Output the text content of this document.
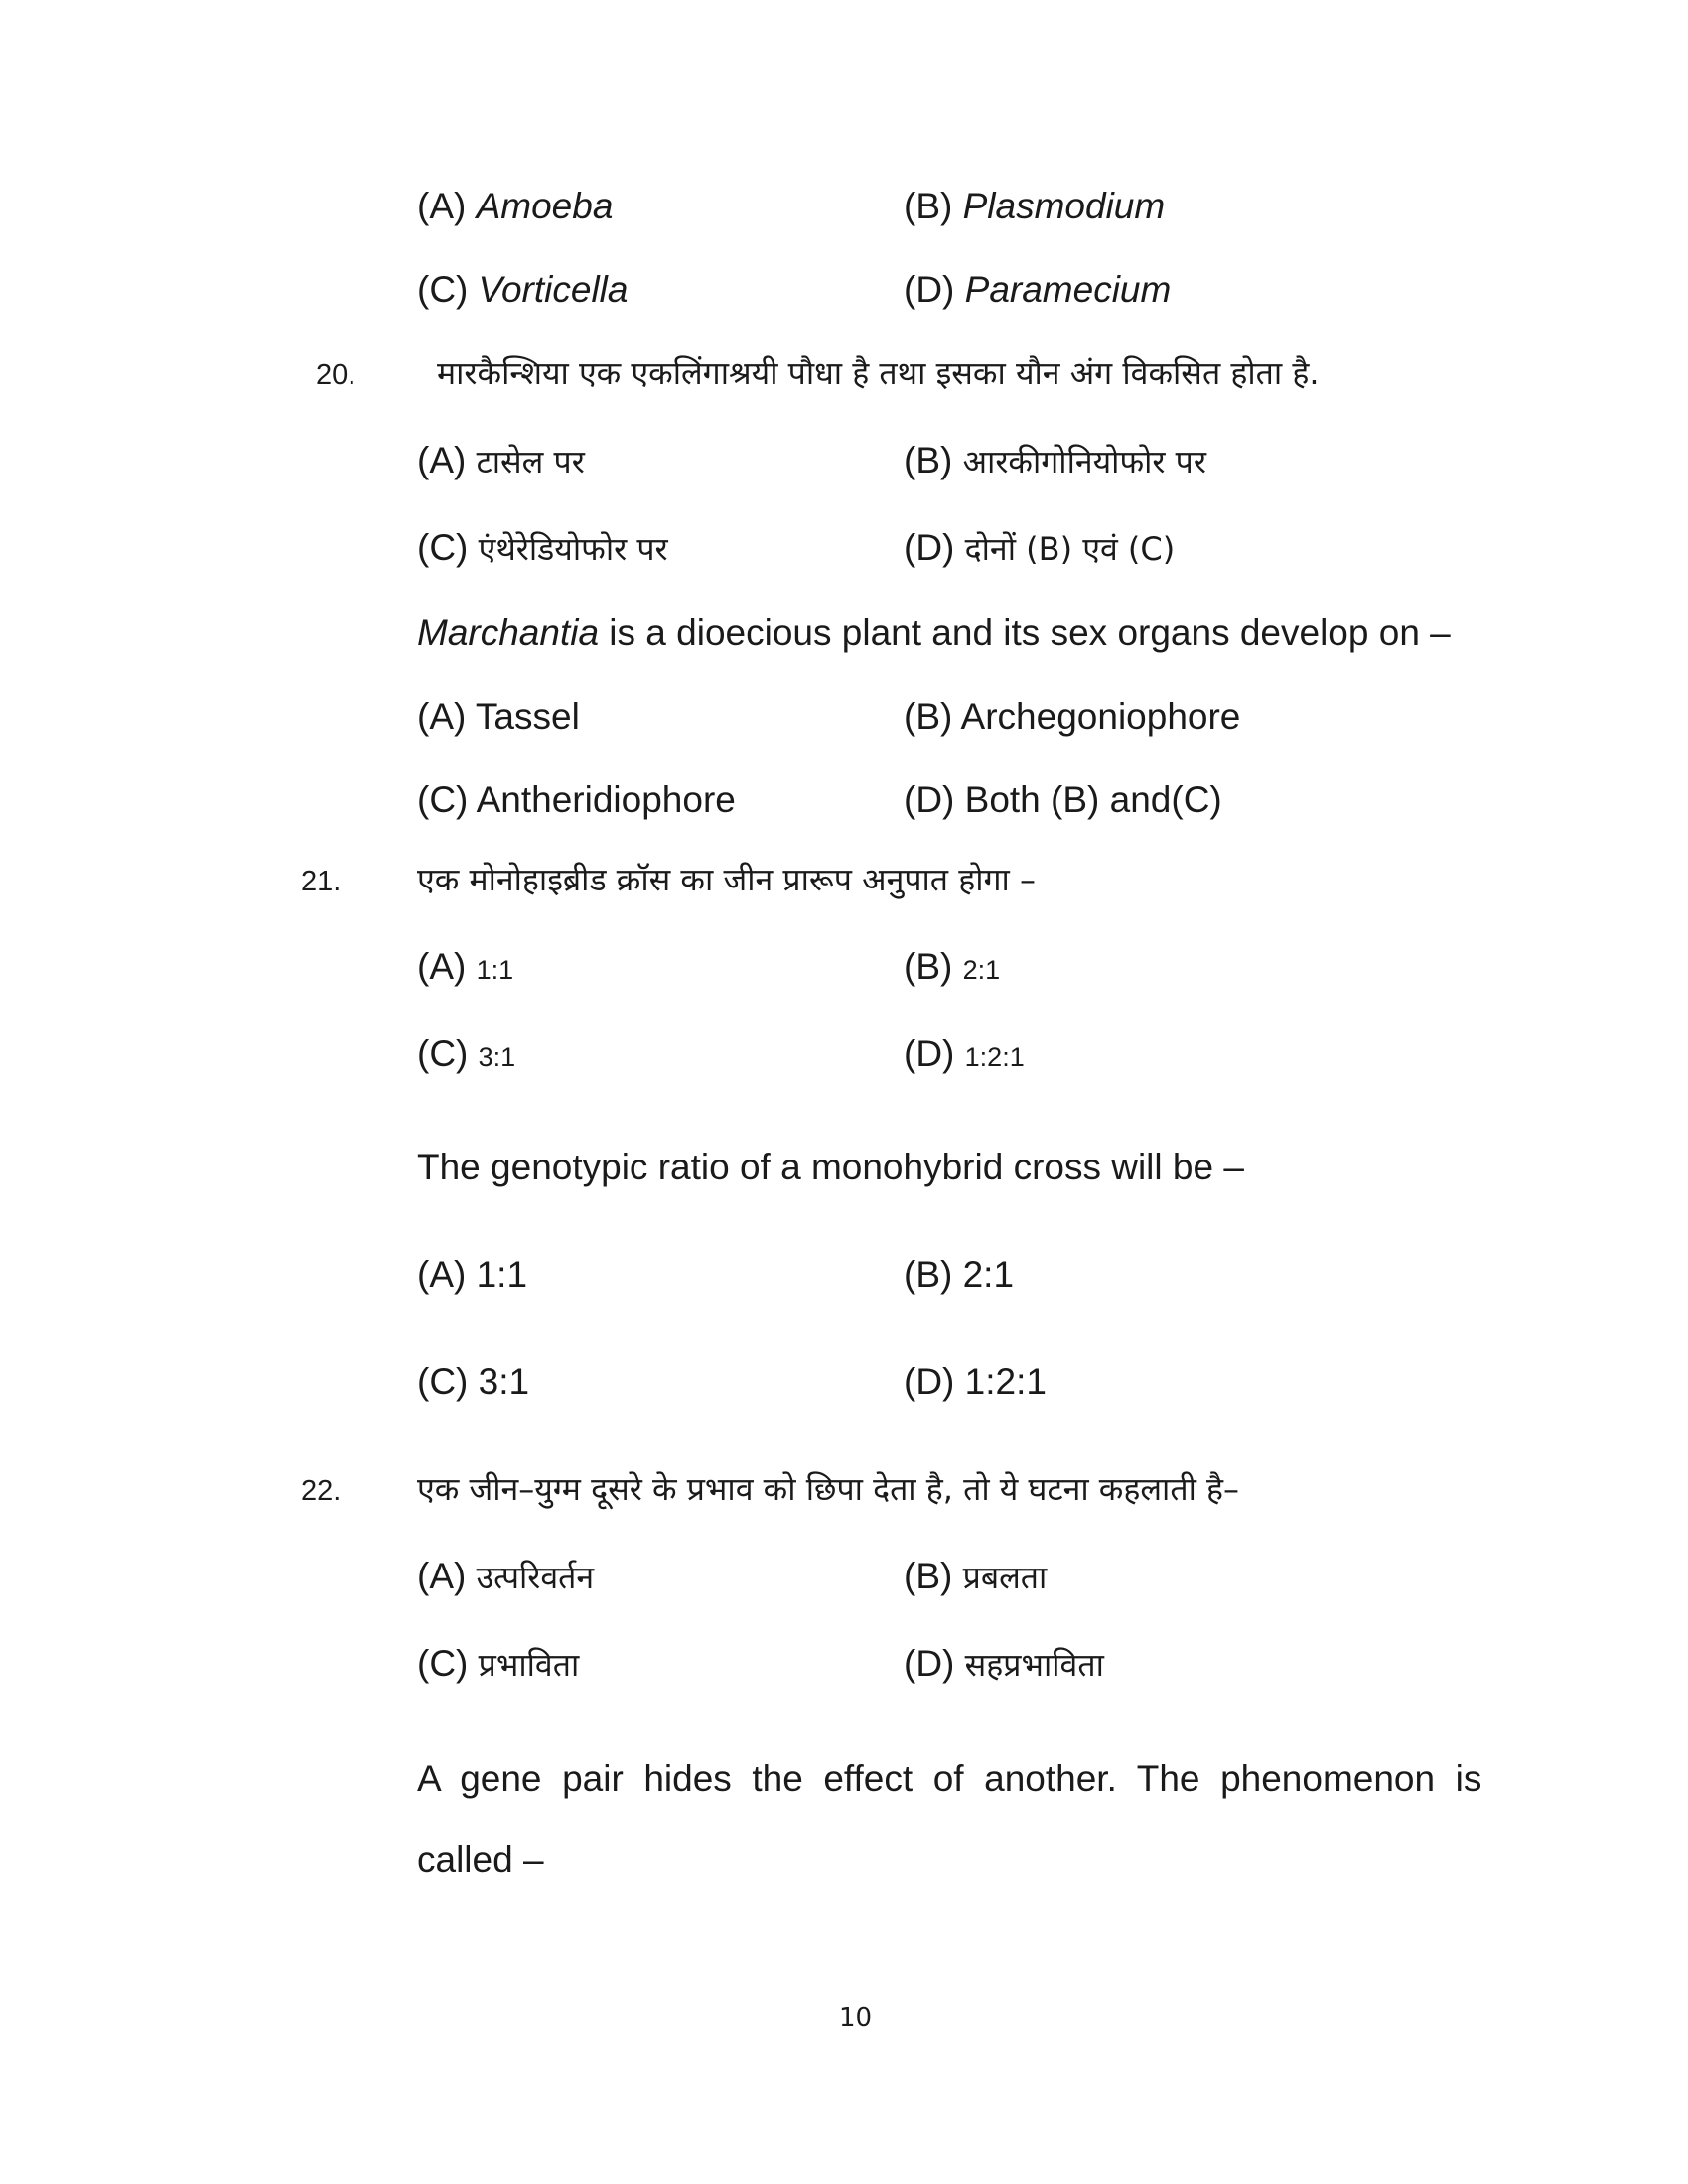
(A) Amoeba	(B) Plasmodium
(C) Vorticella	(D) Paramecium
20.	मारकैन्शिया एक एकलिंगाश्रयी पौधा है तथा इसका यौन अंग विकसित होता है.
(A) टासेल पर	(B) आरकीगोनियोफोर पर
(C) एंथेरेडियोफोर पर	(D) दोनों (B) एवं (C)
Marchantia is a dioecious plant and its sex organs develop on –
(A) Tassel	(B) Archegoniophore
(C) Antheridiophore	(D) Both (B) and(C)
21. एक मोनोहाइब्रीड क्रॉस का जीन प्रारूप अनुपात होगा –
(A) 1:1	(B) 2:1
(C) 3:1	(D) 1:2:1
The genotypic ratio of a monohybrid cross will be –
(A) 1:1	(B) 2:1
(C) 3:1	(D) 1:2:1
22. एक जीन–युग्म दूसरे के प्रभाव को छिपा देता है, तो ये घटना कहलाती है–
(A) उत्परिवर्तन	(B) प्रबलता
(C) प्रभाविता	(D) सहप्रभाविता
A  gene  pair  hides  the  effect  of  another.  The  phenomenon  is
called –
10
